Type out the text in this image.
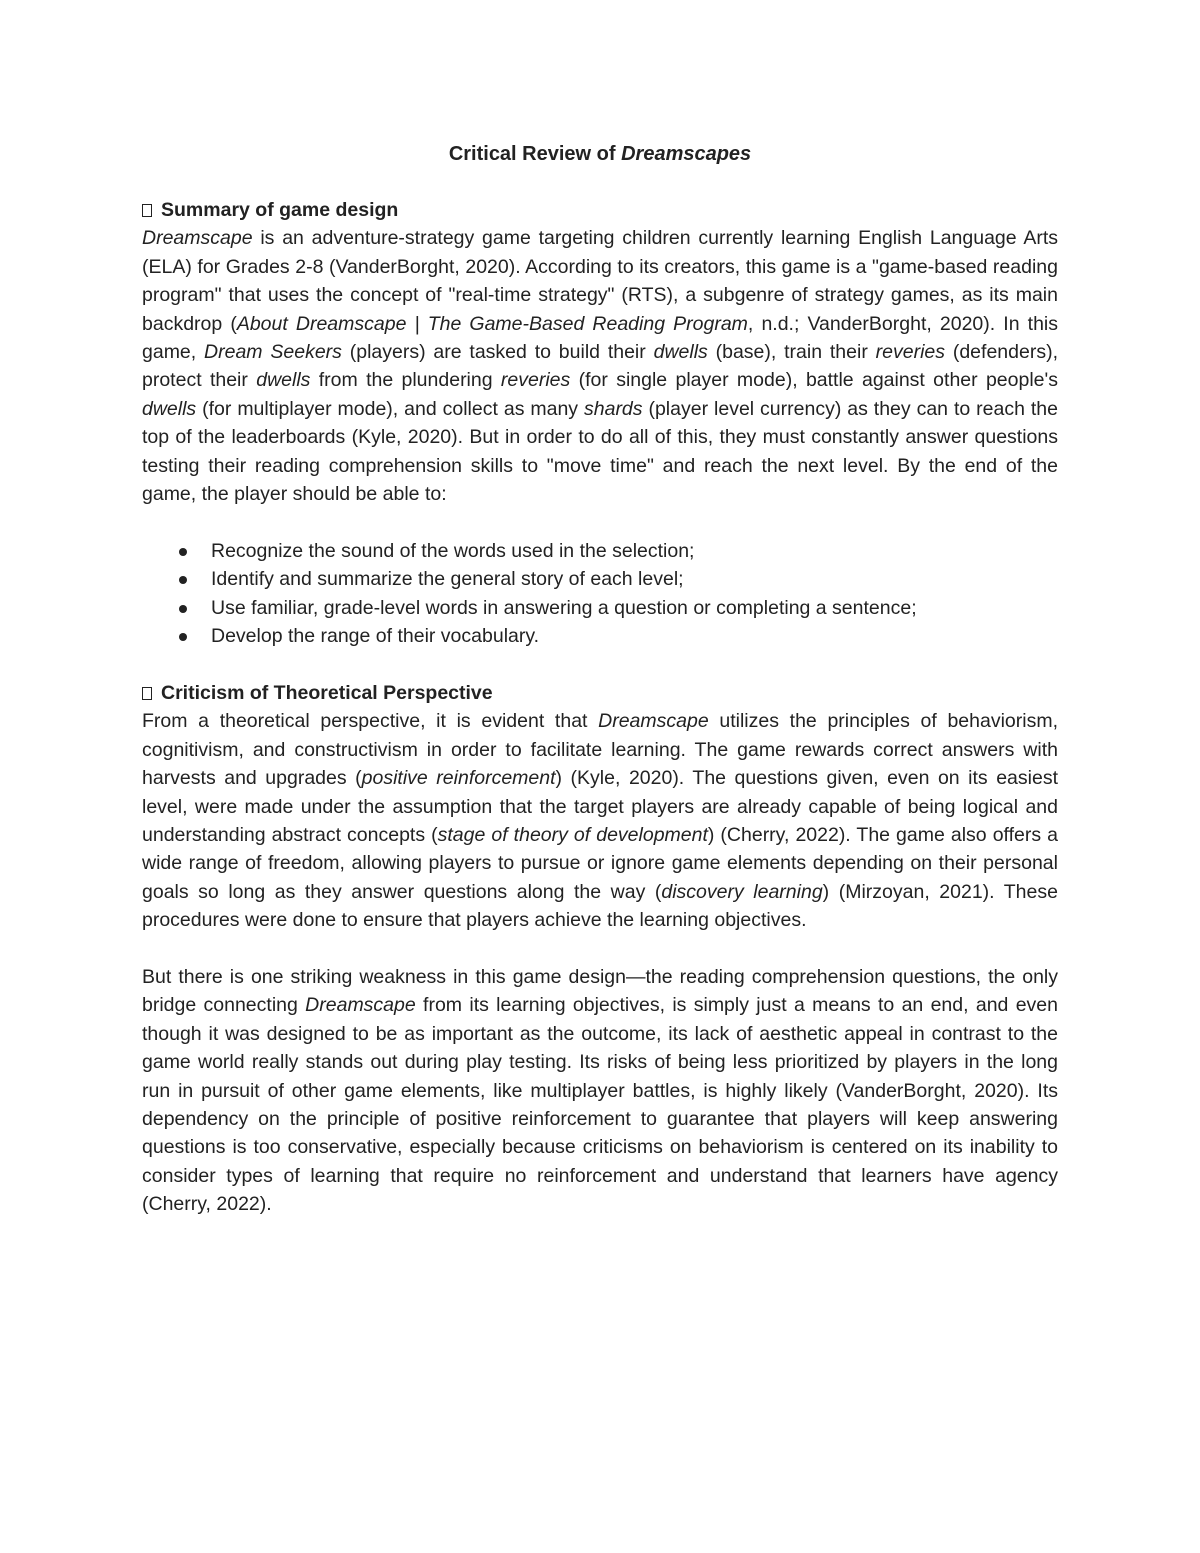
Critical Review of Dreamscapes

Summary of game design

Dreamscape is an adventure-strategy game targeting children currently learning English Language Arts (ELA) for Grades 2-8 (VanderBorght, 2020). According to its creators, this game is a "game-based reading program" that uses the concept of "real-time strategy" (RTS), a subgenre of strategy games, as its main backdrop (About Dreamscape | The Game-Based Reading Program, n.d.; VanderBorght, 2020). In this game, Dream Seekers (players) are tasked to build their dwells (base), train their reveries (defenders), protect their dwells from the plundering reveries (for single player mode), battle against other people's dwells (for multiplayer mode), and collect as many shards (player level currency) as they can to reach the top of the leaderboards (Kyle, 2020). But in order to do all of this, they must constantly answer questions testing their reading comprehension skills to "move time" and reach the next level. By the end of the game, the player should be able to:

Recognize the sound of the words used in the selection;
Identify and summarize the general story of each level;
Use familiar, grade-level words in answering a question or completing a sentence;
Develop the range of their vocabulary.

Criticism of Theoretical Perspective

From a theoretical perspective, it is evident that Dreamscape utilizes the principles of behaviorism, cognitivism, and constructivism in order to facilitate learning. The game rewards correct answers with harvests and upgrades (positive reinforcement) (Kyle, 2020). The questions given, even on its easiest level, were made under the assumption that the target players are already capable of being logical and understanding abstract concepts (stage of theory of development) (Cherry, 2022). The game also offers a wide range of freedom, allowing players to pursue or ignore game elements depending on their personal goals so long as they answer questions along the way (discovery learning) (Mirzoyan, 2021). These procedures were done to ensure that players achieve the learning objectives.

But there is one striking weakness in this game design—the reading comprehension questions, the only bridge connecting Dreamscape from its learning objectives, is simply just a means to an end, and even though it was designed to be as important as the outcome, its lack of aesthetic appeal in contrast to the game world really stands out during play testing. Its risks of being less prioritized by players in the long run in pursuit of other game elements, like multiplayer battles, is highly likely (VanderBorght, 2020). Its dependency on the principle of positive reinforcement to guarantee that players will keep answering questions is too conservative, especially because criticisms on behaviorism is centered on its inability to consider types of learning that require no reinforcement and understand that learners have agency (Cherry, 2022).
